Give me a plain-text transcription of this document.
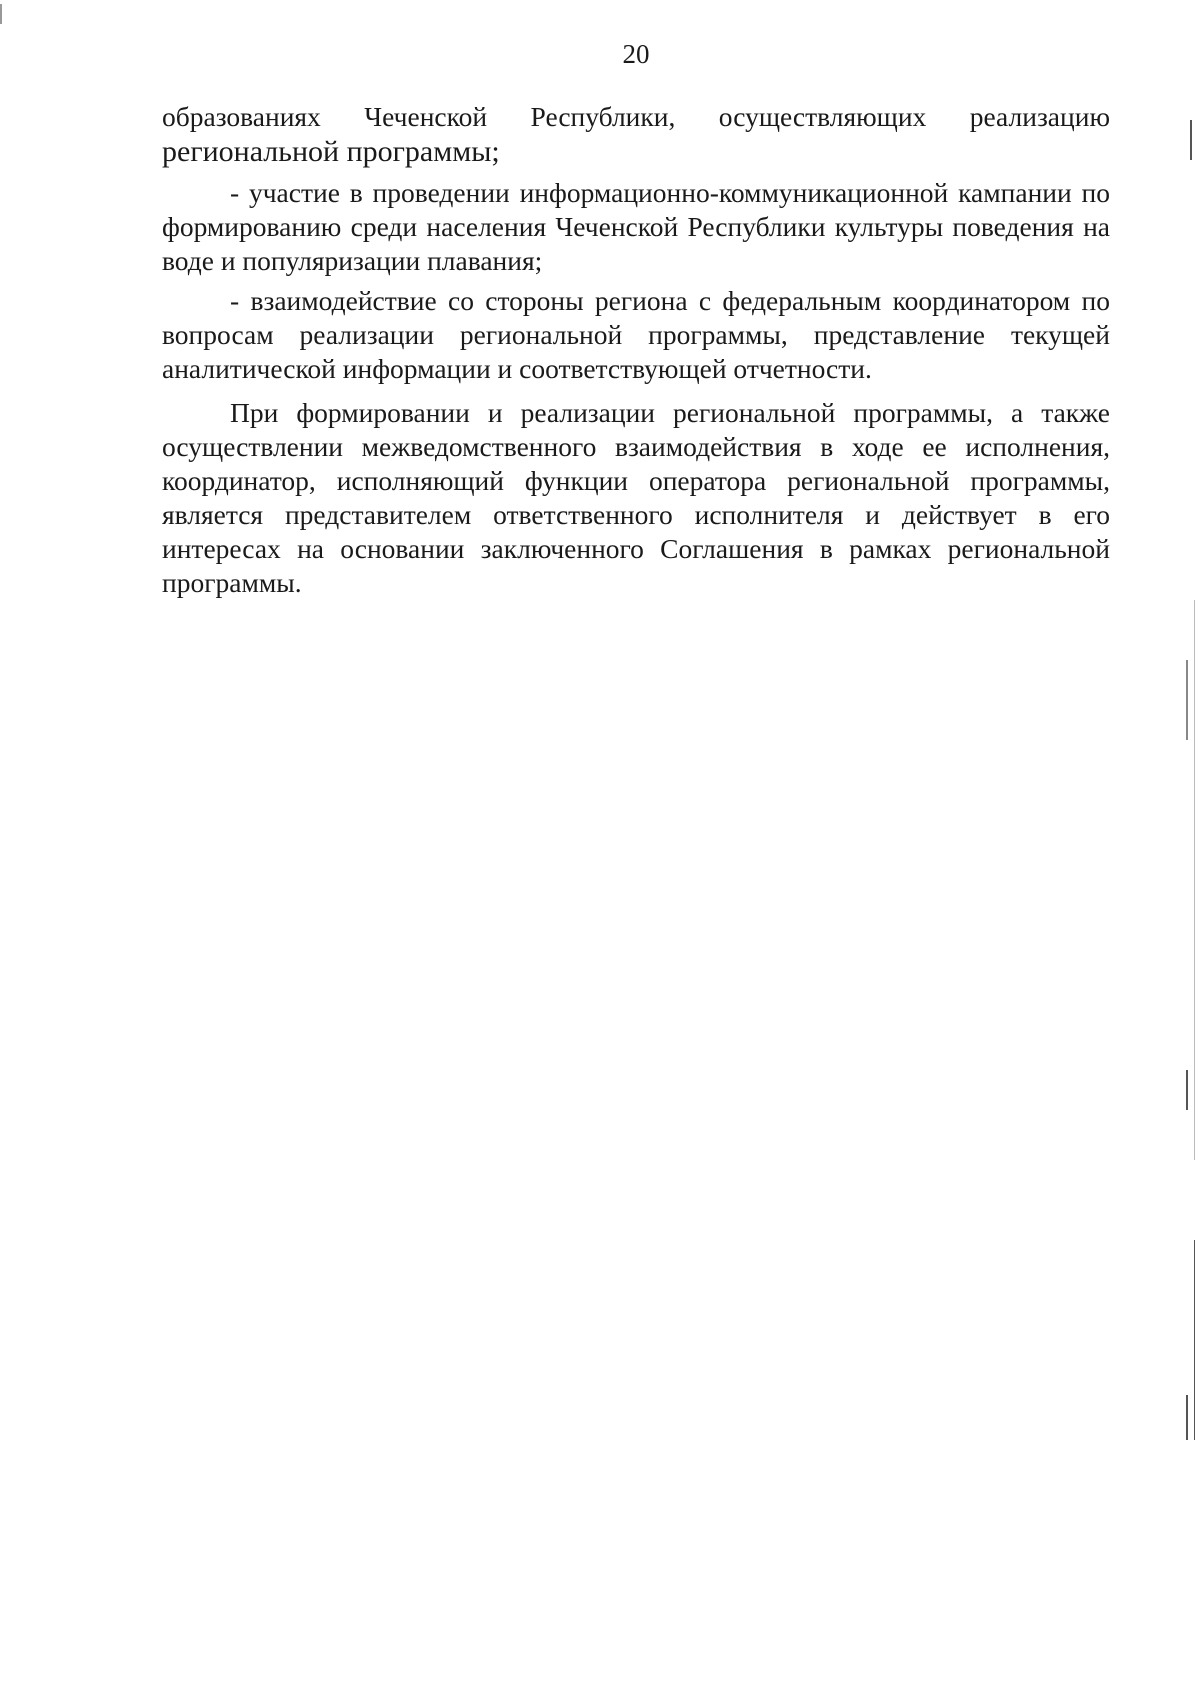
20

образованиях Чеченской Республики, осуществляющих реализацию

региональной программы;

- участие в проведении информационно-коммуникационной кампании по формированию среди населения Чеченской Республики культуры поведения на воде и популяризации плавания;

- взаимодействие со стороны региона с федеральным координатором по вопросам реализации региональной программы, представление текущей аналитической информации и соответствующей отчетности.

При формировании и реализации региональной программы, а также осуществлении межведомственного взаимодействия в ходе ее исполнения, координатор, исполняющий функции оператора региональной программы, является представителем ответственного исполнителя и действует в его интересах на основании заключенного Соглашения в рамках региональной программы.
